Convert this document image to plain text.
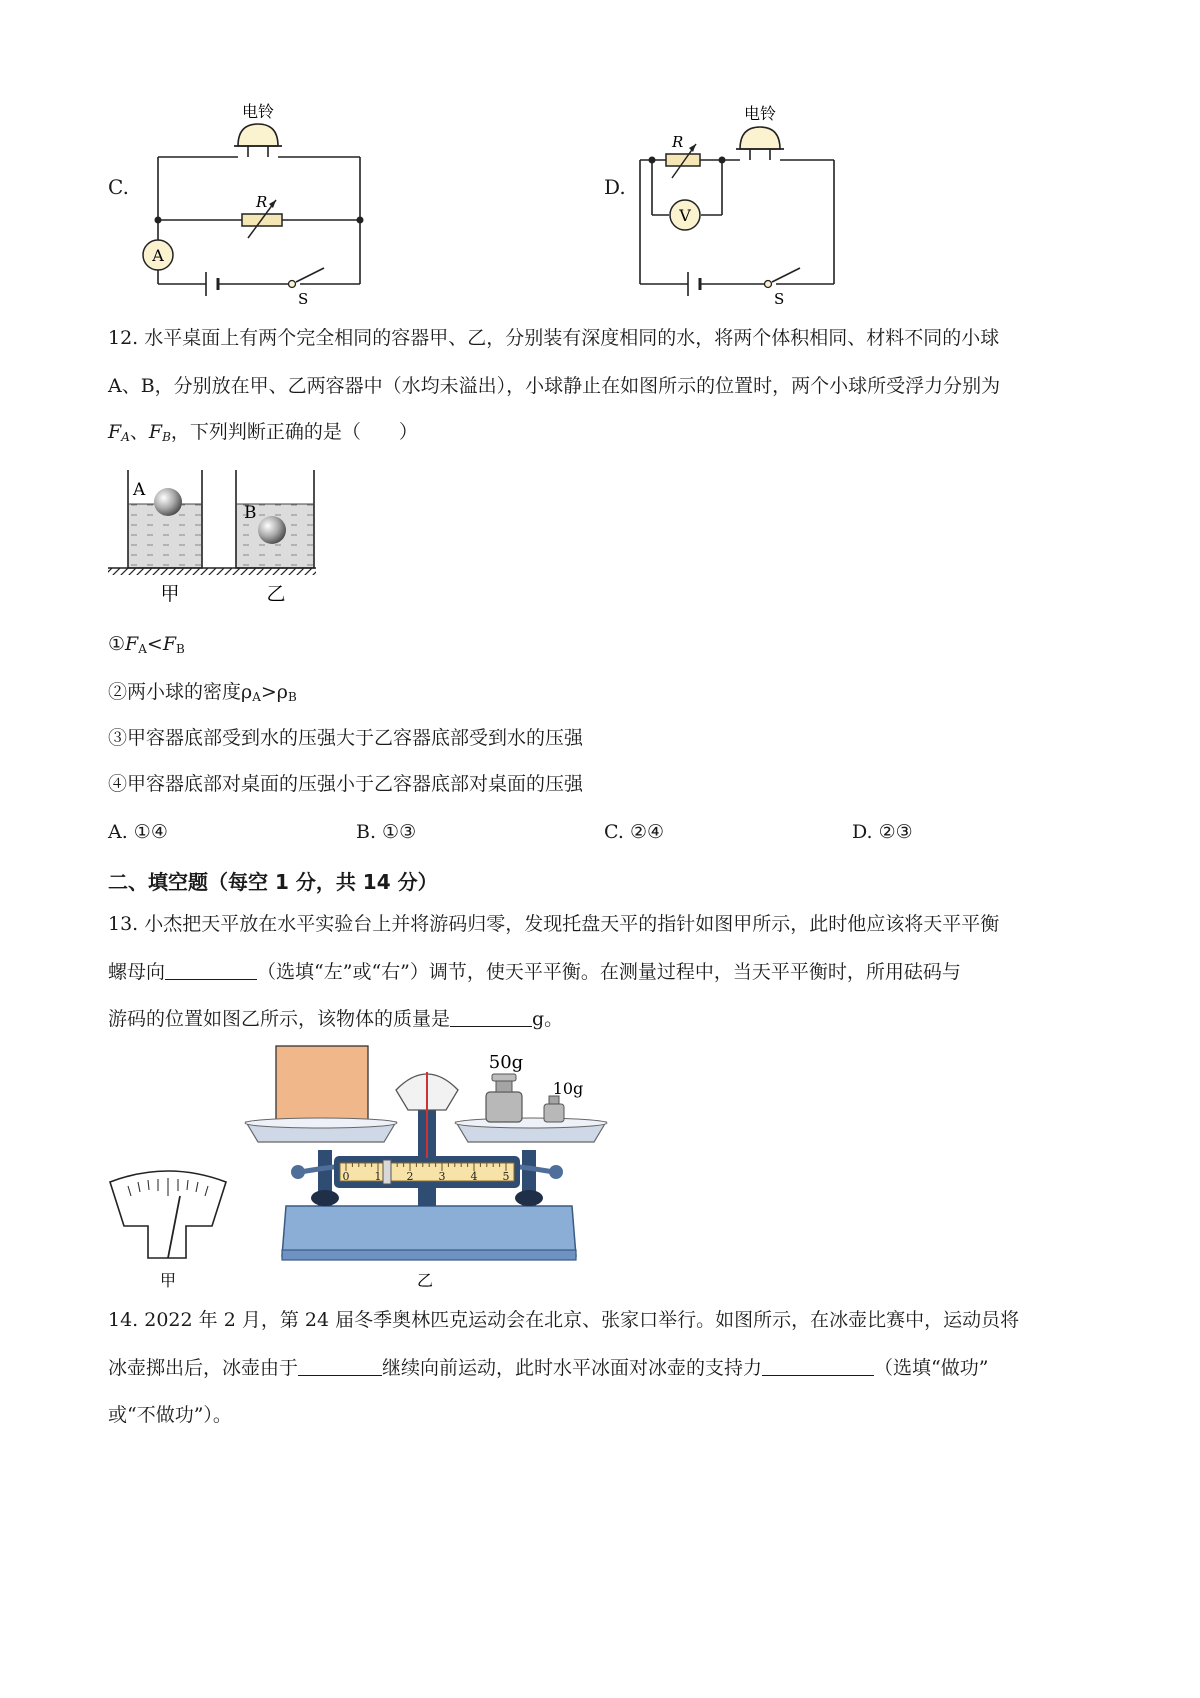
C.
电铃
R
A
S
D.
R
电铃
V
S
12. 水平桌面上有两个完全相同的容器甲、乙，分别装有深度相同的水，将两个体积相同、材料不同的小球
A、B，分别放在甲、乙两容器中（水均未溢出），小球静止在如图所示的位置时，两个小球所受浮力分别为
$F_A$、$F_B$，下列判断正确的是（　　）
A
B
甲	乙
$①F_A<F_B$
②两小球的密度$\rho_A>\rho_B$
③甲容器底部受到水的压强大于乙容器底部受到水的压强
④甲容器底部对桌面的压强小于乙容器底部对桌面的压强
A. ①④	B. ①③	C. ②④	D. ②③
二、填空题（每空 1 分，共 14 分）
13. 小杰把天平放在水平实验台上并将游码归零，发现托盘天平的指针如图甲所示，此时他应该将天平平衡
螺母向	（选填“左”或“右”）调节，使天平平衡。在测量过程中，当天平平衡时，所用砝码与
游码的位置如图乙所示，该物体的质量是	g。
甲
0 1 2 3 4 5
50g
10g
乙
14. 2022 年 2 月，第 24 届冬季奥林匹克运动会在北京、张家口举行。如图所示，在冰壶比赛中，运动员将
冰壶掷出后，冰壶由于	继续向前运动，此时水平冰面对冰壶的支持力	（选填“做功”
或“不做功”）。
